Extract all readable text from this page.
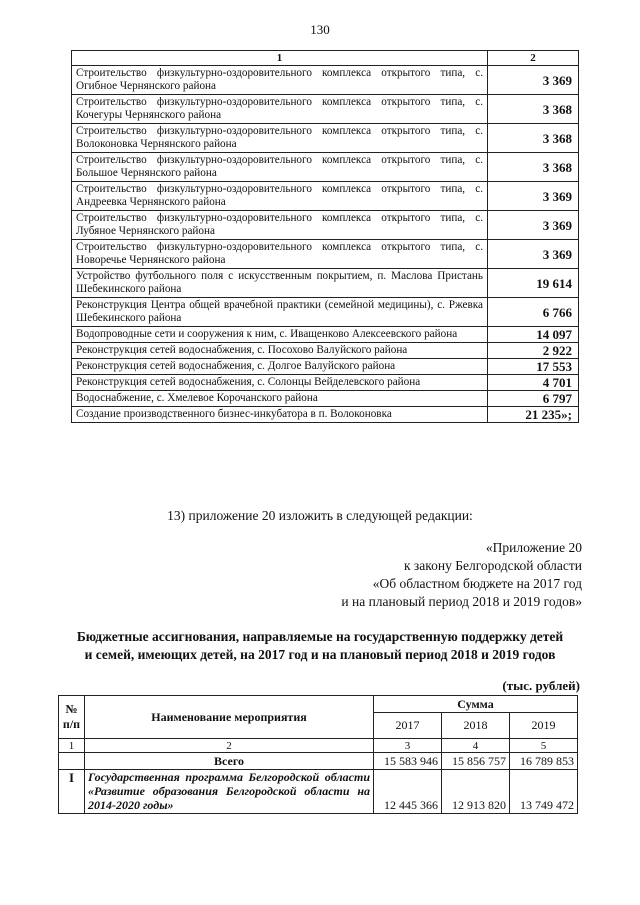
130
1	2
Строительство физкультурно-оздоровительного комплекса открытого типа, с. Огибное Чернянского района	3 369
Строительство физкультурно-оздоровительного комплекса открытого типа, с. Кочегуры Чернянского района	3 368
Строительство физкультурно-оздоровительного комплекса открытого типа, с. Волоконовка Чернянского района	3 368
Строительство физкультурно-оздоровительного комплекса открытого типа, с. Большое Чернянского района	3 368
Строительство физкультурно-оздоровительного комплекса открытого типа, с. Андреевка Чернянского района	3 369
Строительство физкультурно-оздоровительного комплекса открытого типа, с. Лубяное Чернянского района	3 369
Строительство физкультурно-оздоровительного комплекса открытого типа, с. Новоречье Чернянского района	3 369
Устройство футбольного поля с искусственным покрытием, п. Маслова Пристань Шебекинского района	19 614
Реконструкция Центра общей врачебной практики (семейной медицины), с. Ржевка Шебекинского района	6 766
Водопроводные сети и сооружения к ним, с. Иващенково Алексеевского района	14 097
Реконструкция сетей водоснабжения, с. Посохово Валуйского района	2 922
Реконструкция сетей водоснабжения, с. Долгое Валуйского района	17 553
Реконструкция сетей водоснабжения, с. Солонцы Вейделевского района	4 701
Водоснабжение, с. Хмелевое Корочанского района	6 797
Создание производственного бизнес-инкубатора в п. Волоконовка	21 235»;
13) приложение 20 изложить в следующей редакции:
«Приложение 20
к закону Белгородской области
«Об областном бюджете на 2017 год
и на плановый период 2018 и 2019 годов»
Бюджетные ассигнования, направляемые на государственную поддержку детей
и семей, имеющих детей, на 2017 год и на плановый период 2018 и 2019 годов
(тыс. рублей)
№ п/п	Наименование мероприятия	Сумма		
		2017	2018	2019
1	2	3	4	5
	Всего	15 583 946	15 856 757	16 789 853
I	Государственная программа Белгородской области «Развитие образования Белгородской области на 2014-2020 годы»	12 445 366	12 913 820	13 749 472
